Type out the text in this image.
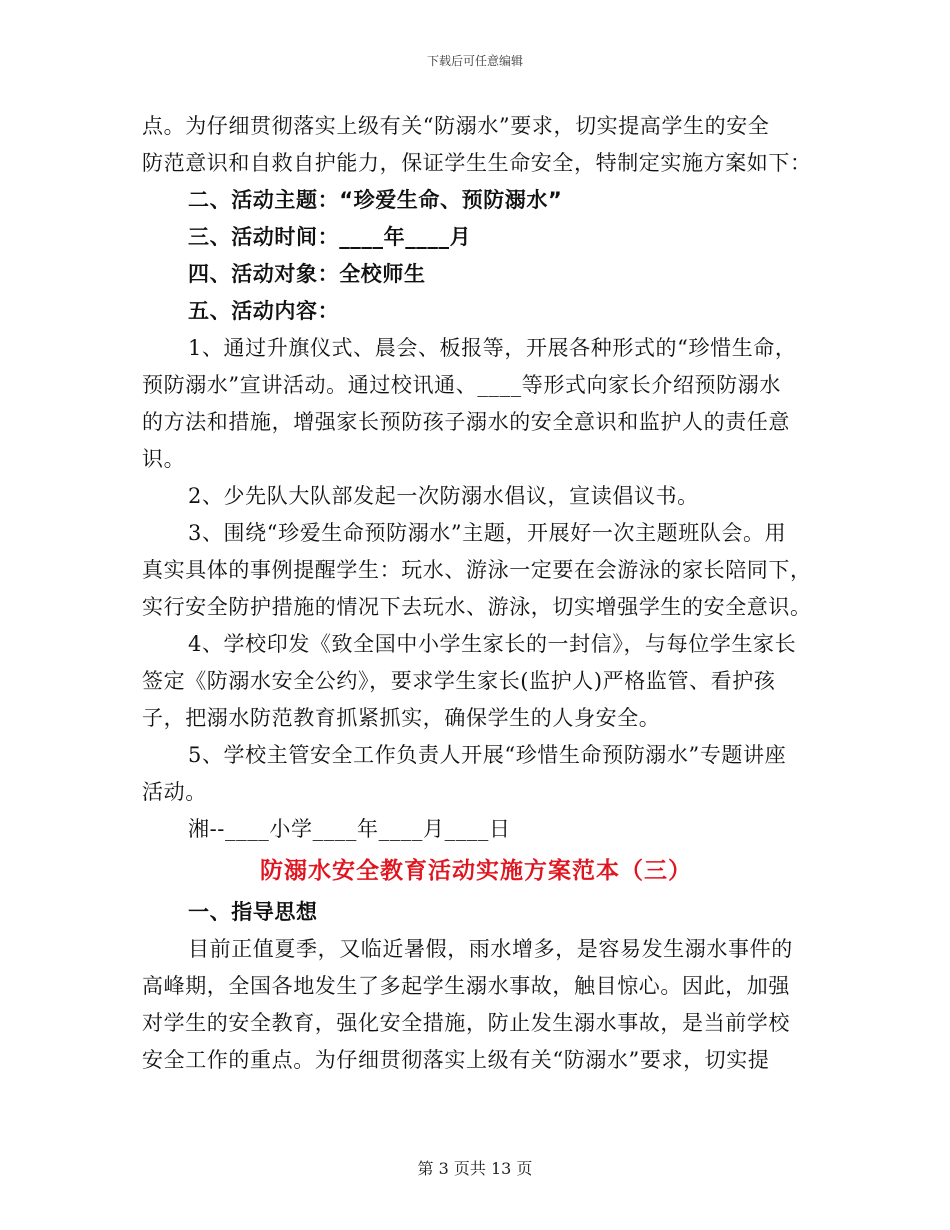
下载后可任意编辑
点。为仔细贯彻落实上级有关“防溺水”要求，切实提高学生的安全
防范意识和自救自护能力，保证学生生命安全，特制定实施方案如下：
二、活动主题：“珍爱生命、预防溺水”
三、活动时间：____年____月
四、活动对象：全校师生
五、活动内容：
1、通过升旗仪式、晨会、板报等，开展各种形式的“珍惜生命，
预防溺水”宣讲活动。通过校讯通、____等形式向家长介绍预防溺水
的方法和措施，增强家长预防孩子溺水的安全意识和监护人的责任意
识。
2、少先队大队部发起一次防溺水倡议，宣读倡议书。
3、围绕“珍爱生命预防溺水”主题，开展好一次主题班队会。用
真实具体的事例提醒学生：玩水、游泳一定要在会游泳的家长陪同下，
实行安全防护措施的情况下去玩水、游泳，切实增强学生的安全意识。
4、学校印发《致全国中小学生家长的一封信》，与每位学生家长
签定《防溺水安全公约》，要求学生家长(监护人)严格监管、看护孩
子，把溺水防范教育抓紧抓实，确保学生的人身安全。
5、学校主管安全工作负责人开展“珍惜生命预防溺水”专题讲座
活动。
湘--____小学____年____月____日
防溺水安全教育活动实施方案范本（三）
一、指导思想
目前正值夏季，又临近暑假，雨水增多，是容易发生溺水事件的
高峰期，全国各地发生了多起学生溺水事故，触目惊心。因此，加强
对学生的安全教育，强化安全措施，防止发生溺水事故，是当前学校
安全工作的重点。为仔细贯彻落实上级有关“防溺水”要求，切实提
第 3 页共 13 页
